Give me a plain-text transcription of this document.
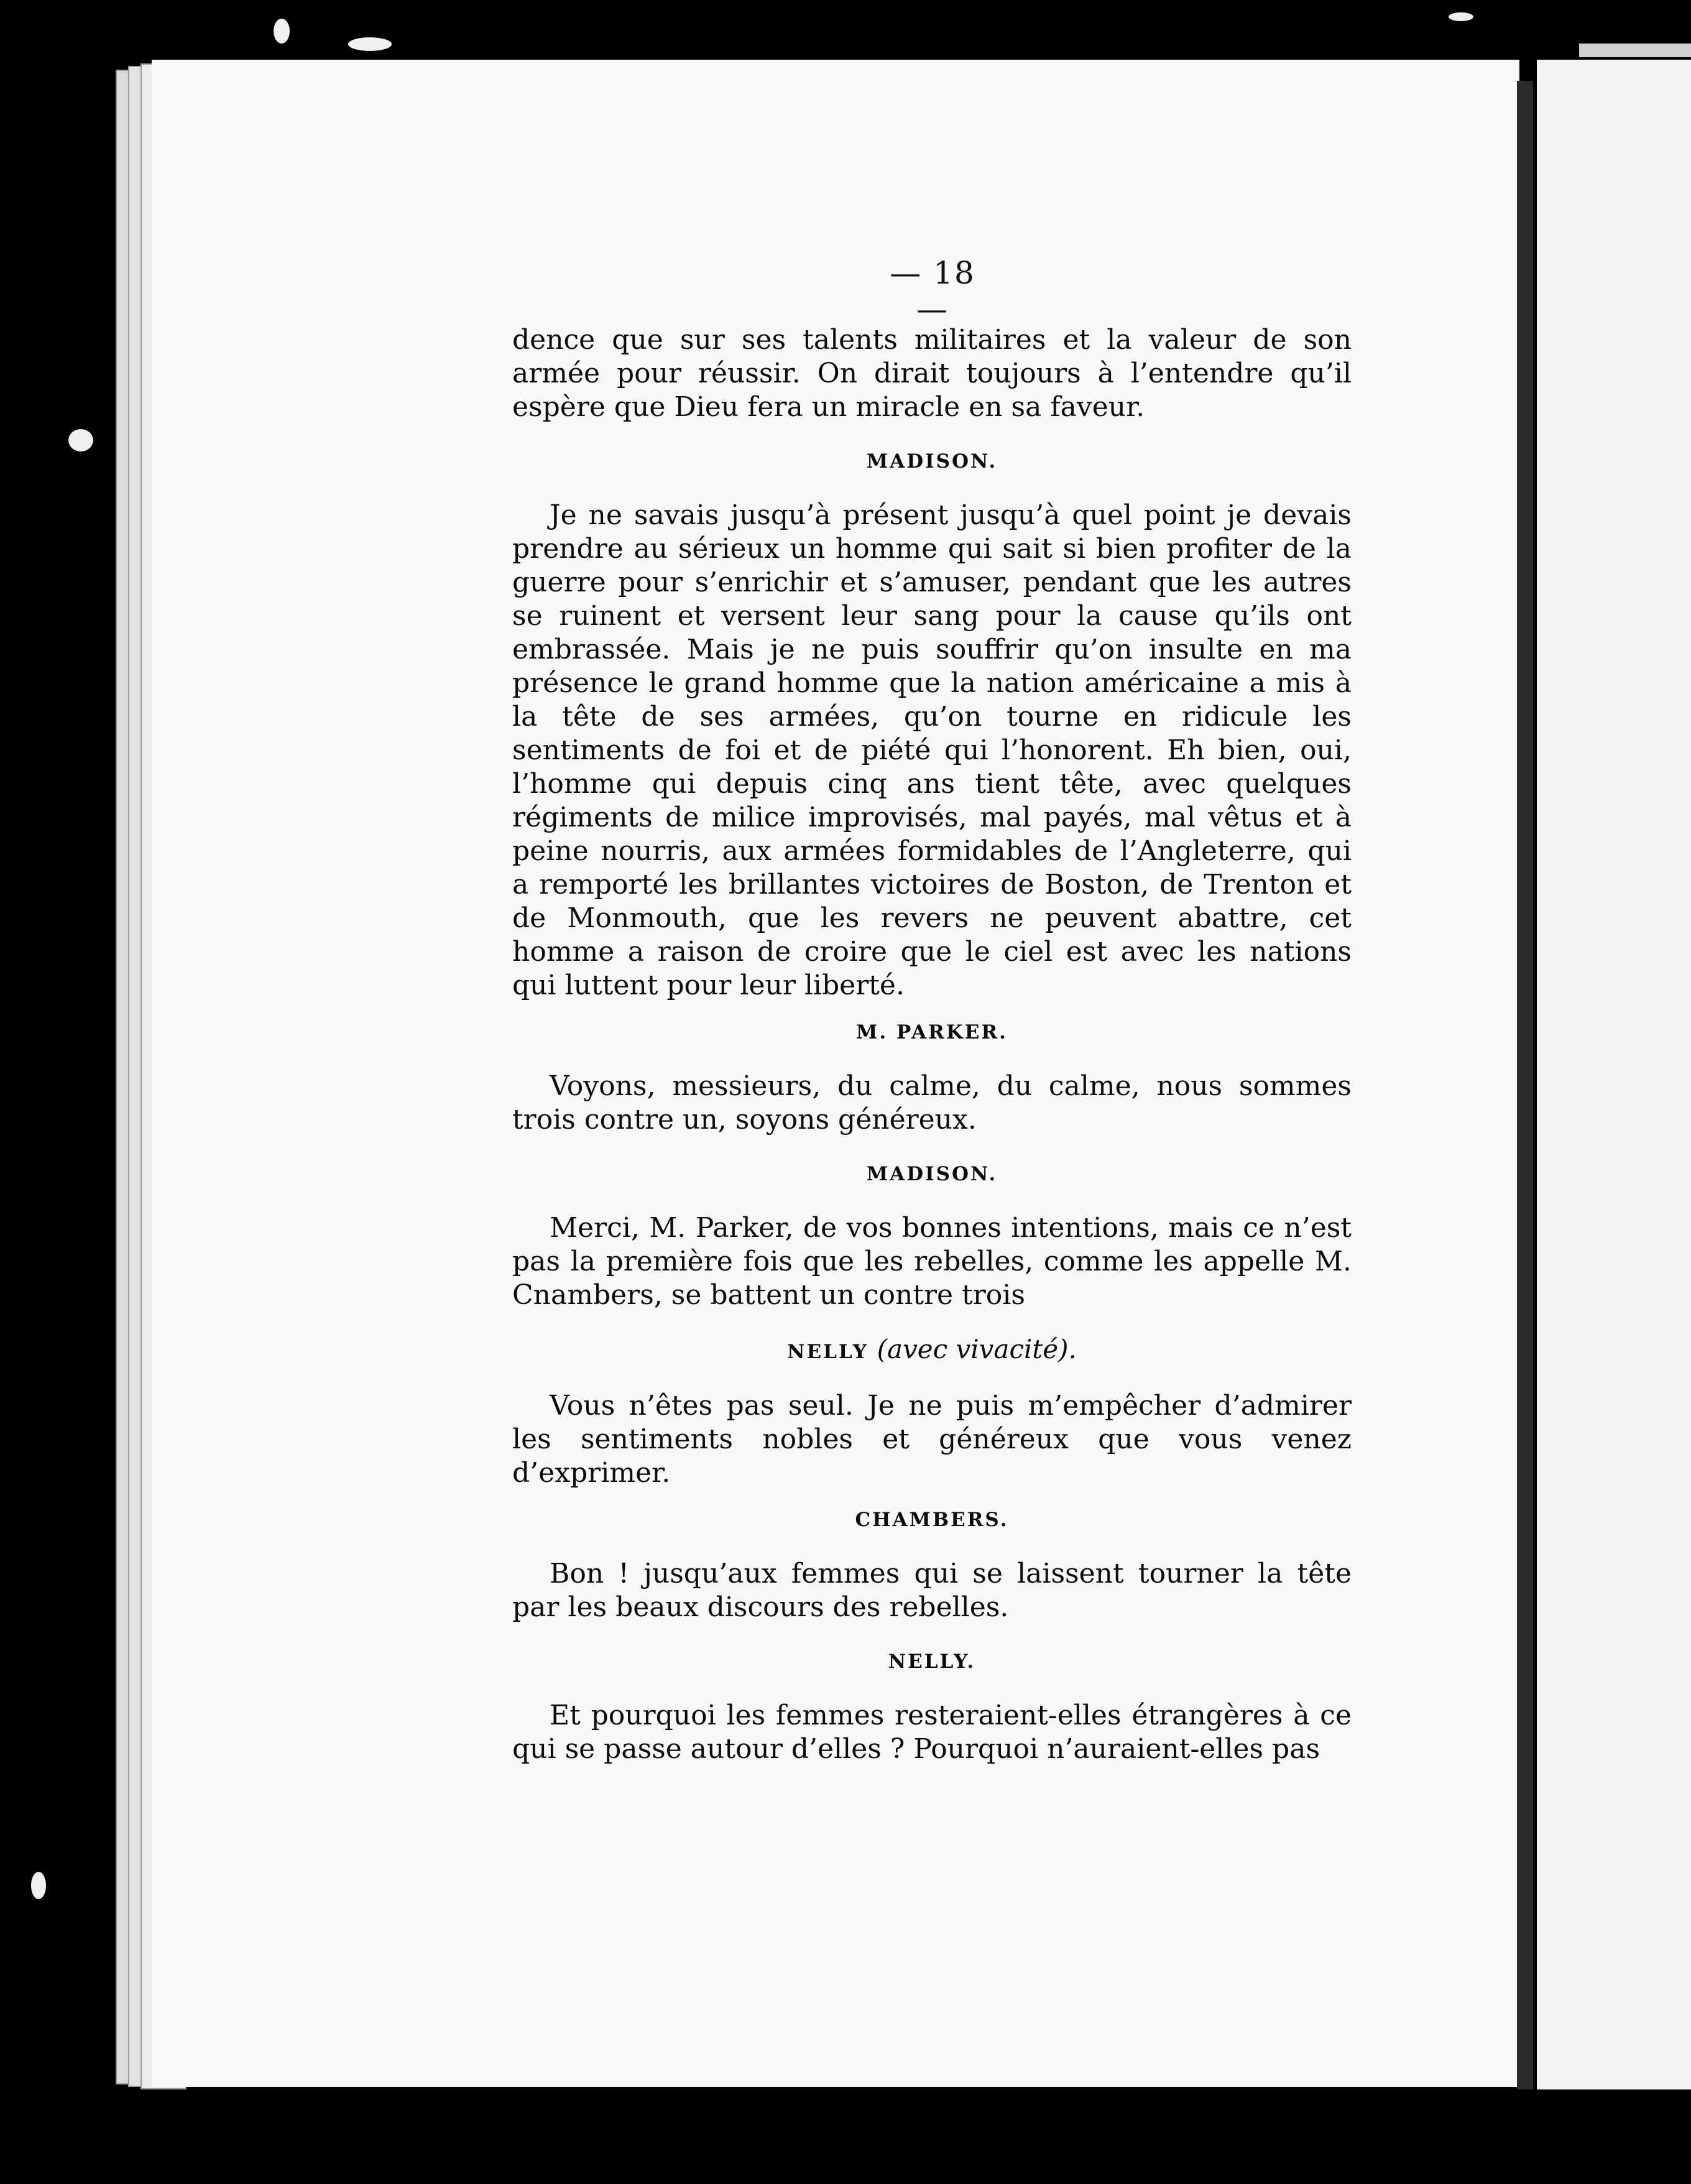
— 18 —

dence que sur ses talents militaires et la valeur de son armée pour réussir. On dirait toujours à l’entendre qu’il espère que Dieu fera un miracle en sa faveur.

MADISON.

Je ne savais jusqu’à présent jusqu’à quel point je devais prendre au sérieux un homme qui sait si bien profiter de la guerre pour s’enrichir et s’amuser, pendant que les autres se ruinent et versent leur sang pour la cause qu’ils ont embrassée. Mais je ne puis souffrir qu’on insulte en ma présence le grand homme que la nation américaine a mis à la tête de ses armées, qu’on tourne en ridicule les sentiments de foi et de piété qui l’honorent. Eh bien, oui, l’homme qui depuis cinq ans tient tête, avec quelques régiments de milice improvisés, mal payés, mal vêtus et à peine nourris, aux armées formidables de l’Angleterre, qui a remporté les brillantes victoires de Boston, de Trenton et de Monmouth, que les revers ne peuvent abattre, cet homme a raison de croire que le ciel est avec les nations qui luttent pour leur liberté.

M. PARKER.

Voyons, messieurs, du calme, du calme, nous sommes trois contre un, soyons généreux.

MADISON.

Merci, M. Parker, de vos bonnes intentions, mais ce n’est pas la première fois que les rebelles, comme les appelle M. Cnambers, se battent un contre trois

NELLY (avec vivacité).

Vous n’êtes pas seul. Je ne puis m’empêcher d’admirer les sentiments nobles et généreux que vous venez d’exprimer.

CHAMBERS.

Bon ! jusqu’aux femmes qui se laissent tourner la tête par les beaux discours des rebelles.

NELLY.

Et pourquoi les femmes resteraient-elles étrangères à ce qui se passe autour d’elles ? Pourquoi n’auraient-elles pas
